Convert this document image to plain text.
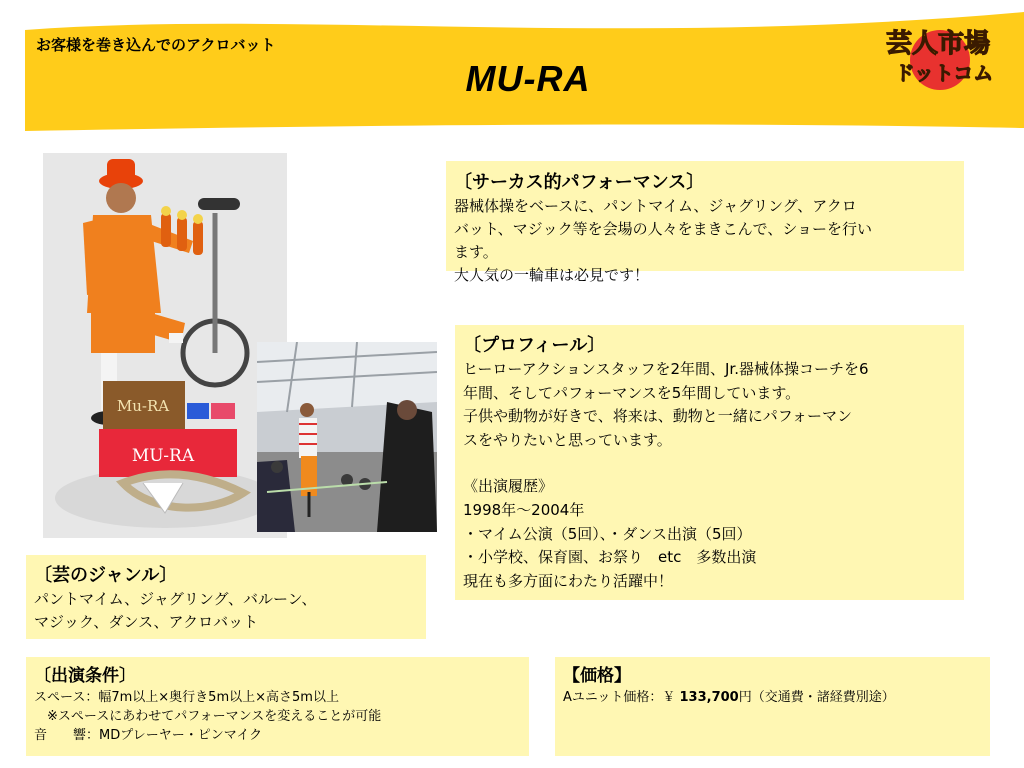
お客様を巻き込んでのアクロバット
MU-RA
芸人市場
ドットコム
Mu-RA
MU-RA
〔サーカス的パフォーマンス〕
器械体操をベースに、パントマイム、ジャグリング、アクロ
バット、マジック等を会場の人々をまきこんで、ショーを行い
ます。
大人気の一輪車は必見です！
〔プロフィール〕
ヒーローアクションスタッフを2年間、Jr.器械体操コーチを6
年間、そしてパフォーマンスを5年間しています。
子供や動物が好きで、将来は、動物と一緒にパフォーマン
スをやりたいと思っています。
《出演履歴》
1998年～2004年
・マイム公演（5回）、・ダンス出演（5回）
・小学校、保育園、お祭り　etc　多数出演
現在も多方面にわたり活躍中！
〔芸のジャンル〕
パントマイム、ジャグリング、バルーン、
マジック、ダンス、アクロバット
〔出演条件〕
スペース：幅7m以上×奥行き5m以上×高さ5m以上
　※スペースにあわせてパフォーマンスを変えることが可能
音　　響：MDプレーヤー・ピンマイク
【価格】
Aユニット価格：￥ 133,700円（交通費・諸経費別途）
